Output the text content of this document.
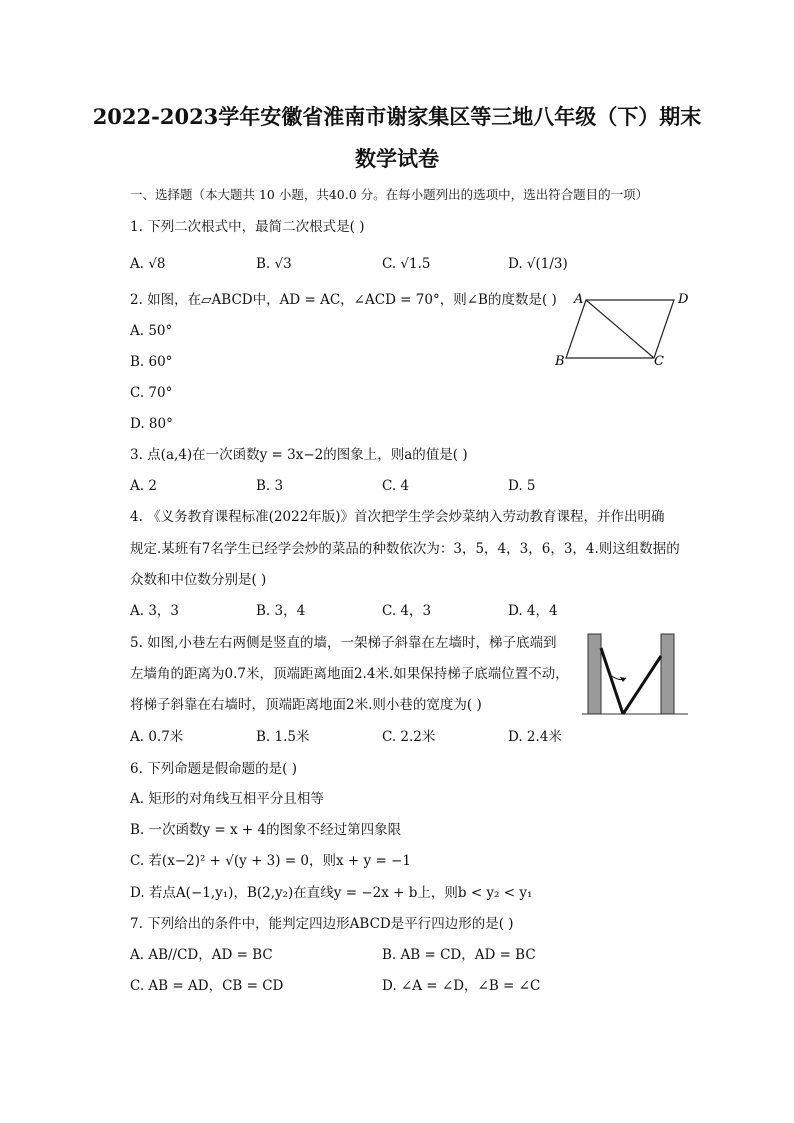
2022-2023学年安徽省淮南市谢家集区等三地八年级（下）期末
数学试卷
一、选择题（本大题共 10 小题，共40.0 分。在每小题列出的选项中，选出符合题目的一项）
1. 下列二次根式中，最简二次根式是( )
A. √8	B. √3	C. √1.5	D. √(1/3)
2. 如图，在▱ABCD中，AD = AC，∠ACD = 70°，则∠B的度数是( )
A. 50°
B. 60°
C. 70°
D. 80°
A	D
B	C
3. 点(a,4)在一次函数y = 3x−2的图象上，则a的值是( )
A. 2	B. 3	C. 4	D. 5
4. 《义务教育课程标准(2022年版)》首次把学生学会炒菜纳入劳动教育课程，并作出明确
规定.某班有7名学生已经学会炒的菜品的种数依次为：3，5，4，3，6，3，4.则这组数据的
众数和中位数分别是( )
A. 3，3	B. 3，4	C. 4，3	D. 4，4
5. 如图,小巷左右两侧是竖直的墙，一架梯子斜靠在左墙时，梯子底端到
左墙角的距离为0.7米，顶端距离地面2.4米.如果保持梯子底端位置不动，
将梯子斜靠在右墙时，顶端距离地面2米.则小巷的宽度为( )
A. 0.7米	B. 1.5米	C. 2.2米	D. 2.4米
6. 下列命题是假命题的是( )
A. 矩形的对角线互相平分且相等
B. 一次函数y = x + 4的图象不经过第四象限
C. 若(x−2)² + √(y + 3) = 0，则x + y = −1
D. 若点A(−1,y₁)，B(2,y₂)在直线y = −2x + b上，则b < y₂ < y₁
7. 下列给出的条件中，能判定四边形ABCD是平行四边形的是( )
A. AB//CD，AD = BC	B. AB = CD，AD = BC
C. AB = AD，CB = CD	D. ∠A = ∠D，∠B = ∠C
